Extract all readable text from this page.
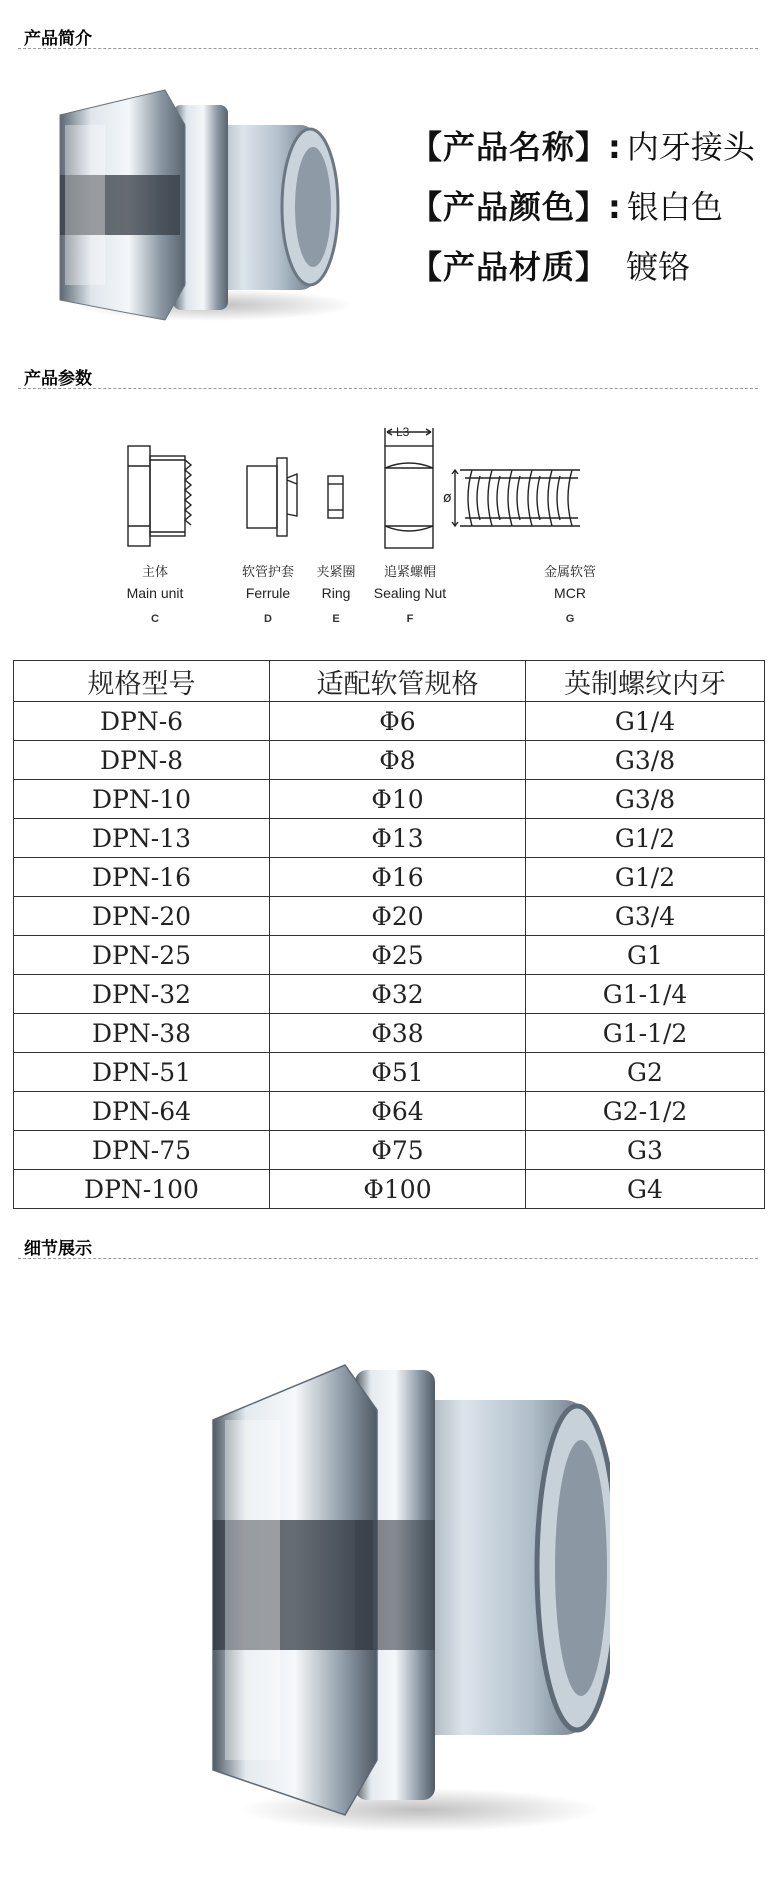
产品简介
【产品名称】: 内牙接头
【产品颜色】: 银白色
【产品材质】 镀铬
产品参数
L3
ø
主体
Main unit
C
软管护套
Ferrule
D
夹紧圈
Ring
E
追紧螺帽
Sealing Nut
F
金属软管
MCR
G
规格型号	适配软管规格	英制螺纹内牙
DPN-6	Φ6	G1/4
DPN-8	Φ8	G3/8
DPN-10	Φ10	G3/8
DPN-13	Φ13	G1/2
DPN-16	Φ16	G1/2
DPN-20	Φ20	G3/4
DPN-25	Φ25	G1
DPN-32	Φ32	G1-1/4
DPN-38	Φ38	G1-1/2
DPN-51	Φ51	G2
DPN-64	Φ64	G2-1/2
DPN-75	Φ75	G3
DPN-100	Φ100	G4
细节展示
